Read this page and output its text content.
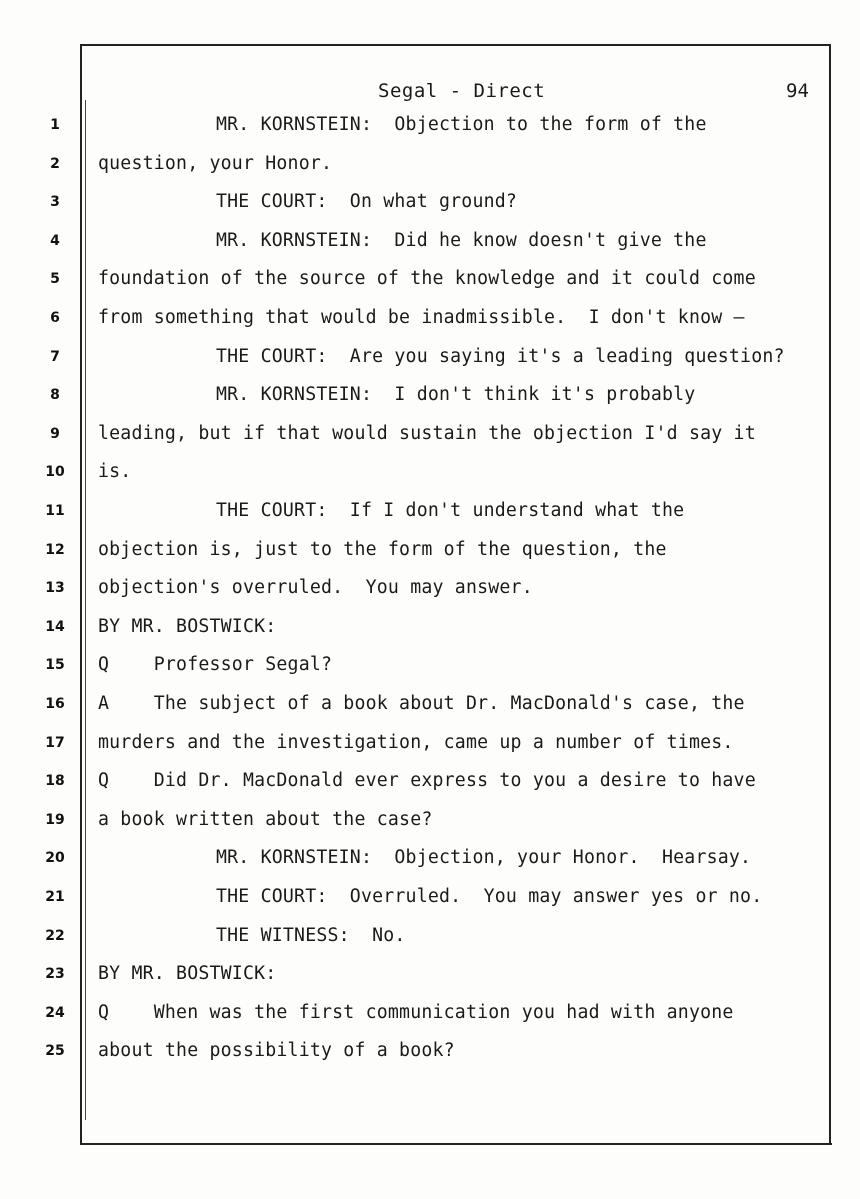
Segal - Direct	94
1
2
3
4
5
6
7
8
9
10
11
12
13
14
15
16
17
18
19
20
21
22
23
24
25
MR. KORNSTEIN:  Objection to the form of the
question, your Honor.
THE COURT:  On what ground?
MR. KORNSTEIN:  Did he know doesn't give the
foundation of the source of the knowledge and it could come
from something that would be inadmissible.  I don't know —
THE COURT:  Are you saying it's a leading question?
MR. KORNSTEIN:  I don't think it's probably
leading, but if that would sustain the objection I'd say it
is.
THE COURT:  If I don't understand what the
objection is, just to the form of the question, the
objection's overruled.  You may answer.
BY MR. BOSTWICK:
Q    Professor Segal?
A    The subject of a book about Dr. MacDonald's case, the
murders and the investigation, came up a number of times.
Q    Did Dr. MacDonald ever express to you a desire to have
a book written about the case?
MR. KORNSTEIN:  Objection, your Honor.  Hearsay.
THE COURT:  Overruled.  You may answer yes or no.
THE WITNESS:  No.
BY MR. BOSTWICK:
Q    When was the first communication you had with anyone
about the possibility of a book?
